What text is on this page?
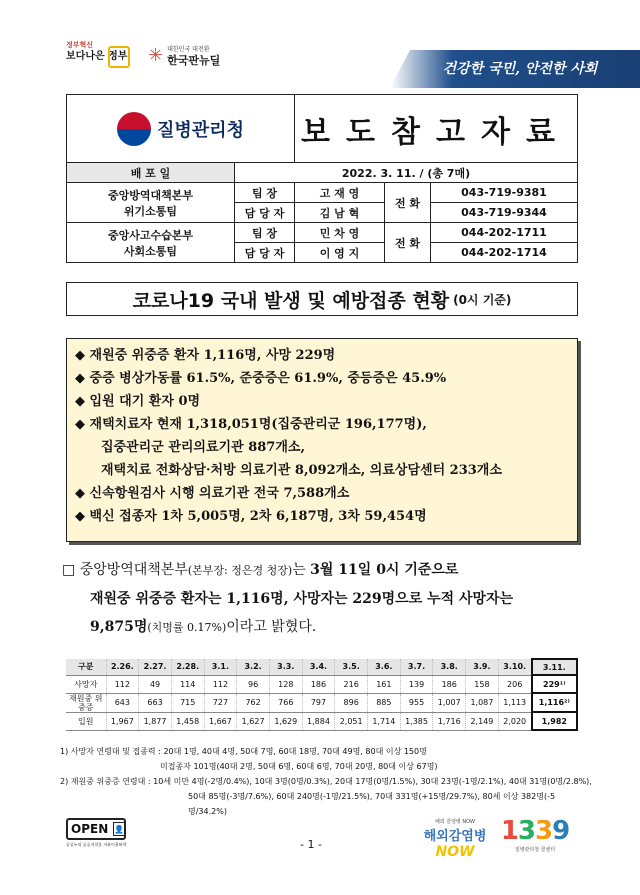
정부혁신
보다나은 정부 ✳ 대한민국 대전환
한국판뉴딜
건강한 국민, 안전한 사회
질병관리청		보도참고자료		
배 포 일	2022. 3. 11. / (총 7매)			

중앙방역대책본부
위기소통팀	팀 장	고 재 영	전 화	043-719-9381
	담 당 자	김 남 혁		043-719-9344

중앙사고수습본부
사회소통팀	팀 장	민 차 영	전 화	044-202-1711
	담 당 자	이 영 지		044-202-1714
코로나19 국내 발생 및 예방접종 현황 (0시 기준)
◆ 재원중 위중증 환자 1,116명, 사망 229명
◆ 중증 병상가동률 61.5%, 준중증은 61.9%, 중등증은 45.9%
◆ 입원 대기 환자 0명
◆ 재택치료자 현재 1,318,051명(집중관리군 196,177명),
집중관리군 관리의료기관 887개소,
재택치료 전화상담·처방 의료기관 8,092개소, 의료상담센터 233개소
◆ 신속항원검사 시행 의료기관 전국 7,588개소
◆ 백신 접종자 1차 5,005명, 2차 6,187명, 3차 59,454명
□ 중앙방역대책본부(본부장: 정은경 청장)는 3월 11일 0시 기준으로
재원중 위중증 환자는 1,116명, 사망자는 229명으로 누적 사망자는
9,875명(치명률 0.17%)이라고 밝혔다.
구분	2.26.	2.27.	2.28.	3.1.	3.2.	3.3.	3.4.	3.5.	3.6.	3.7.	3.8.	3.9.	3.10.	3.11.
사망자	112	49	114	112	96	128	186	216	161	139	186	158	206	229¹⁾
재원중 위중증	643	663	715	727	762	766	797	896	885	955	1,007	1,087	1,113	1,116²⁾
입원	1,967	1,877	1,458	1,667	1,627	1,629	1,884	2,051	1,714	1,385	1,716	2,149	2,020	1,982
1) 사망자 연령대 및 접종력 : 20대 1명, 40대 4명, 50대 7명, 60대 18명, 70대 49명, 80대 이상 150명
미접종자 101명(40대 2명, 50대 6명, 60대 6명, 70대 20명, 80대 이상 67명)
2) 재원중 위중증 연령대 : 10세 미만 4명(-2명/0.4%), 10대 3명(0명/0.3%), 20대 17명(0명/1.5%), 30대 23명(-1명/2.1%), 40대 31명(0명/2.8%),
50대 85명(-3명/7.6%), 60대 240명(-1명/21.5%), 70대 331명(+15명/29.7%), 80세 이상 382명(-5명/34.2%)
OPEN 👤
공공누리 공공저작물 자유이용허락	- 1 -
해외 감염병 NOW
해외감염병
NOW
1339
질병관리청 콜센터
